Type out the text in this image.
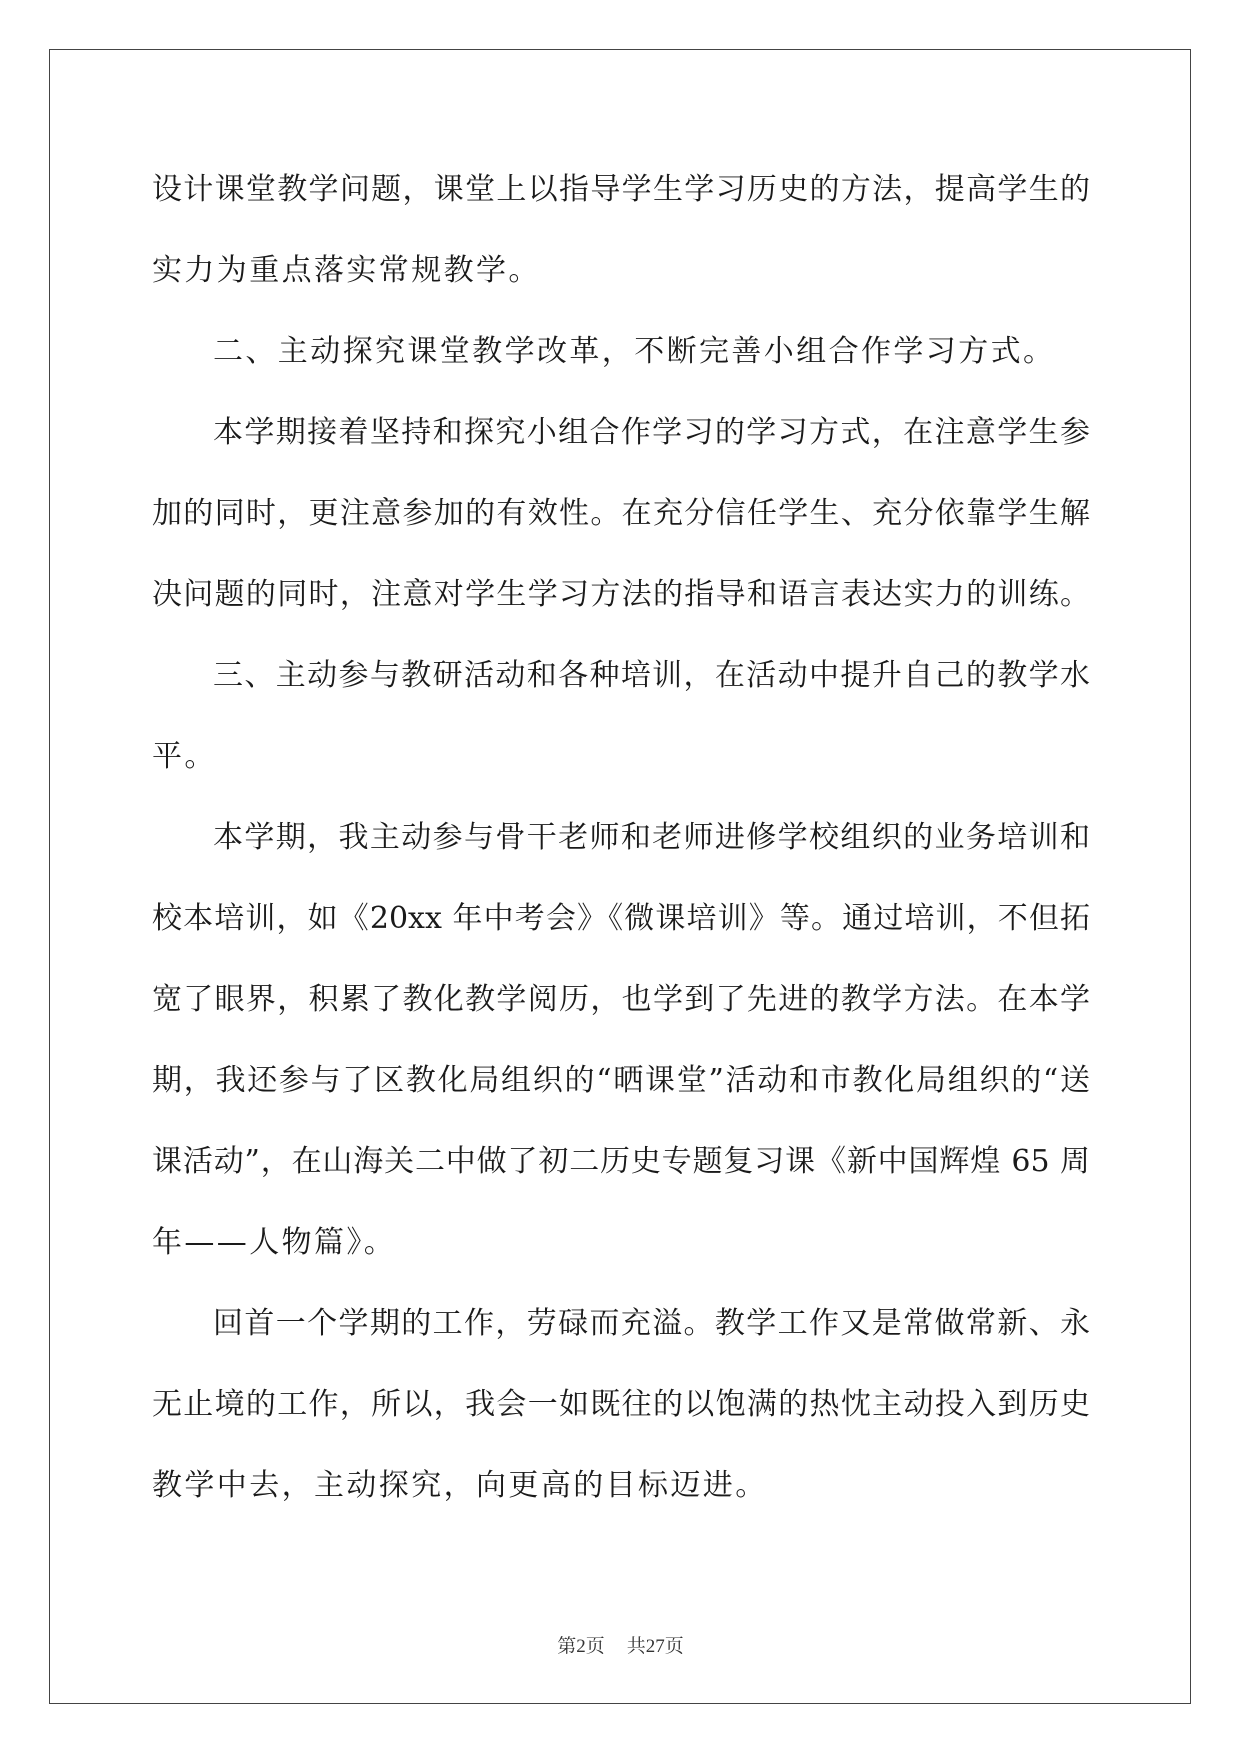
设计课堂教学问题，课堂上以指导学生学习历史的方法，提高学生的
实力为重点落实常规教学。
二、主动探究课堂教学改革，不断完善小组合作学习方式。
本学期接着坚持和探究小组合作学习的学习方式，在注意学生参
加的同时，更注意参加的有效性。在充分信任学生、充分依靠学生解
决问题的同时，注意对学生学习方法的指导和语言表达实力的训练。
三、主动参与教研活动和各种培训，在活动中提升自己的教学水
平。
本学期，我主动参与骨干老师和老师进修学校组织的业务培训和
校本培训，如《20xx 年中考会》《微课培训》等。通过培训，不但拓
宽了眼界，积累了教化教学阅历，也学到了先进的教学方法。在本学
期，我还参与了区教化局组织的“晒课堂”活动和市教化局组织的“送
课活动”，在山海关二中做了初二历史专题复习课《新中国辉煌 65 周
年——人物篇》。
回首一个学期的工作，劳碌而充溢。教学工作又是常做常新、永
无止境的工作，所以，我会一如既往的以饱满的热忱主动投入到历史
教学中去，主动探究，向更高的目标迈进。
第2页 共27页
